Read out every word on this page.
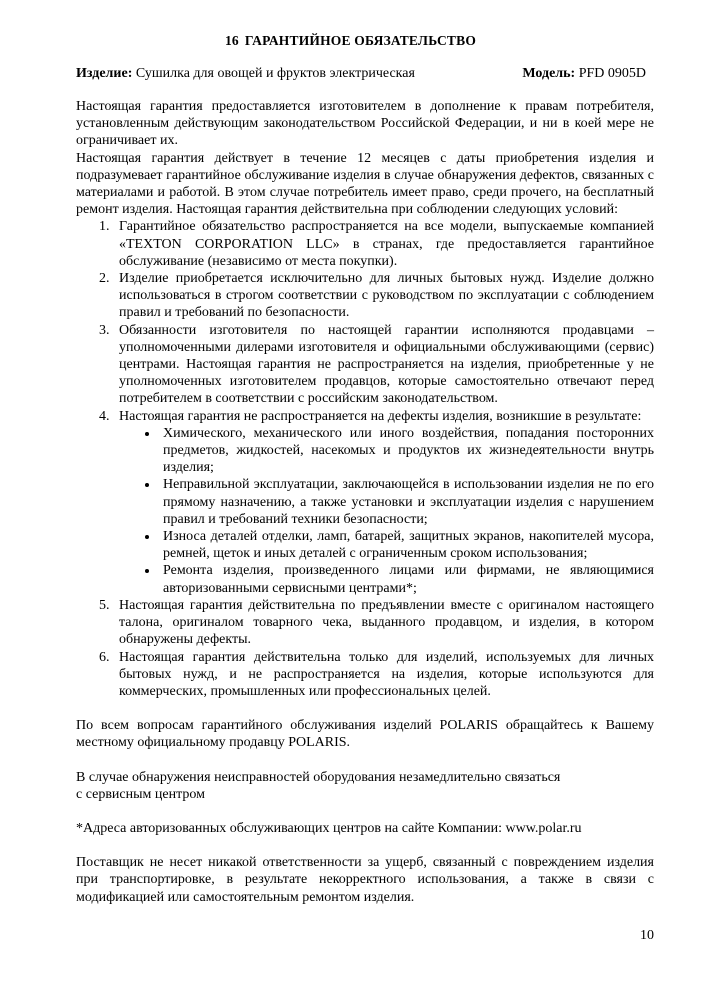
16 ГАРАНТИЙНОЕ ОБЯЗАТЕЛЬСТВО
Изделие: Сушилка для овощей и фруктов электрическая	Модель: PFD 0905D

Настоящая гарантия предоставляется изготовителем в дополнение к правам потребителя, установленным действующим законодательством Российской Федерации, и ни в коей мере не ограничивает их.

Настоящая гарантия действует в течение 12 месяцев с даты приобретения изделия и подразумевает гарантийное обслуживание изделия в случае обнаружения дефектов, связанных с материалами и работой. В этом случае потребитель имеет право, среди прочего, на бесплатный ремонт изделия. Настоящая гарантия действительна при соблюдении следующих условий:

1. Гарантийное обязательство распространяется на все модели, выпускаемые компанией «TEXTON CORPORATION LLC» в странах, где предоставляется гарантийное обслуживание (независимо от места покупки).
2. Изделие приобретается исключительно для личных бытовых нужд. Изделие должно использоваться в строгом соответствии с руководством по эксплуатации с соблюдением правил и требований по безопасности.
3. Обязанности изготовителя по настоящей гарантии исполняются продавцами – уполномоченными дилерами изготовителя и официальными обслуживающими (сервис) центрами. Настоящая гарантия не распространяется на изделия, приобретенные у не уполномоченных изготовителем продавцов, которые самостоятельно отвечают перед потребителем в соответствии с российским законодательством.
4. Настоящая гарантия не распространяется на дефекты изделия, возникшие в результате:
• Химического, механического или иного воздействия, попадания посторонних предметов, жидкостей, насекомых и продуктов их жизнедеятельности внутрь изделия;
• Неправильной эксплуатации, заключающейся в использовании изделия не по его прямому назначению, а также установки и эксплуатации изделия с нарушением правил и требований техники безопасности;
• Износа деталей отделки, ламп, батарей, защитных экранов, накопителей мусора, ремней, щеток и иных деталей с ограниченным сроком использования;
• Ремонта изделия, произведенного лицами или фирмами, не являющимися авторизованными сервисными центрами*;
5. Настоящая гарантия действительна по предъявлении вместе с оригиналом настоящего талона, оригиналом товарного чека, выданного продавцом, и изделия, в котором обнаружены дефекты.
6. Настоящая гарантия действительна только для изделий, используемых для личных бытовых нужд, и не распространяется на изделия, которые используются для коммерческих, промышленных или профессиональных целей.

По всем вопросам гарантийного обслуживания изделий POLARIS обращайтесь к Вашему местному официальному продавцу POLARIS.

В случае обнаружения неисправностей оборудования незамедлительно связаться
с сервисным центром

*Адреса авторизованных обслуживающих центров на сайте Компании: www.polar.ru

Поставщик не несет никакой ответственности за ущерб, связанный с повреждением изделия при транспортировке, в результате некорректного использования, а также в связи с модификацией или самостоятельным ремонтом изделия.

10
